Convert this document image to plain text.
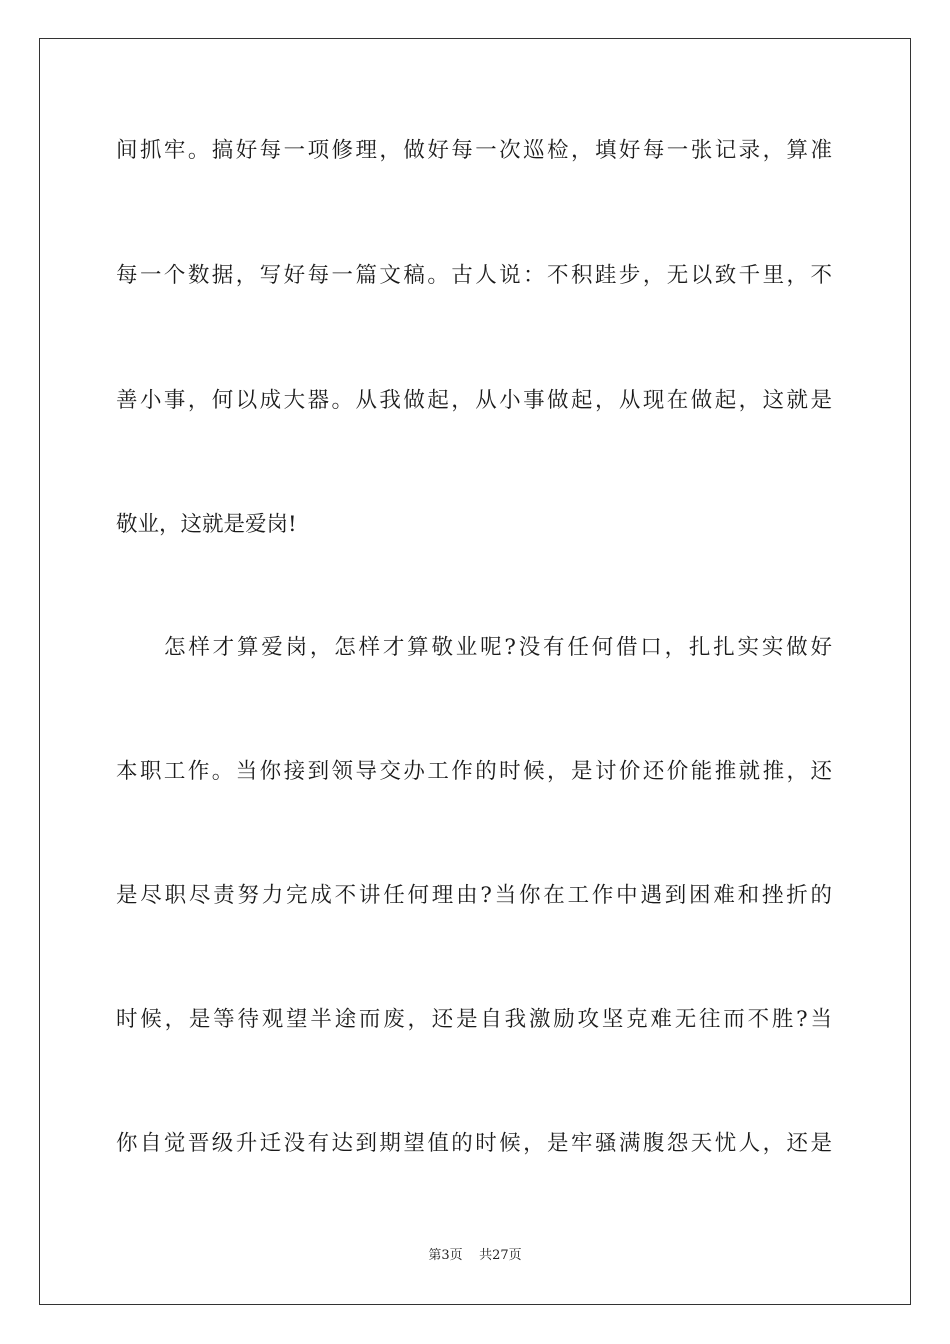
间抓牢。搞好每一项修理，做好每一次巡检，填好每一张记录，算准
每一个数据，写好每一篇文稿。古人说：不积跬步，无以致千里，不
善小事，何以成大器。从我做起，从小事做起，从现在做起，这就是
敬业，这就是爱岗!
怎样才算爱岗，怎样才算敬业呢?没有任何借口，扎扎实实做好
本职工作。当你接到领导交办工作的时候，是讨价还价能推就推，还
是尽职尽责努力完成不讲任何理由?当你在工作中遇到困难和挫折的
时候，是等待观望半途而废，还是自我激励攻坚克难无往而不胜?当
你自觉晋级升迁没有达到期望值的时候，是牢骚满腹怨天忧人，还是
第3页 共27页
